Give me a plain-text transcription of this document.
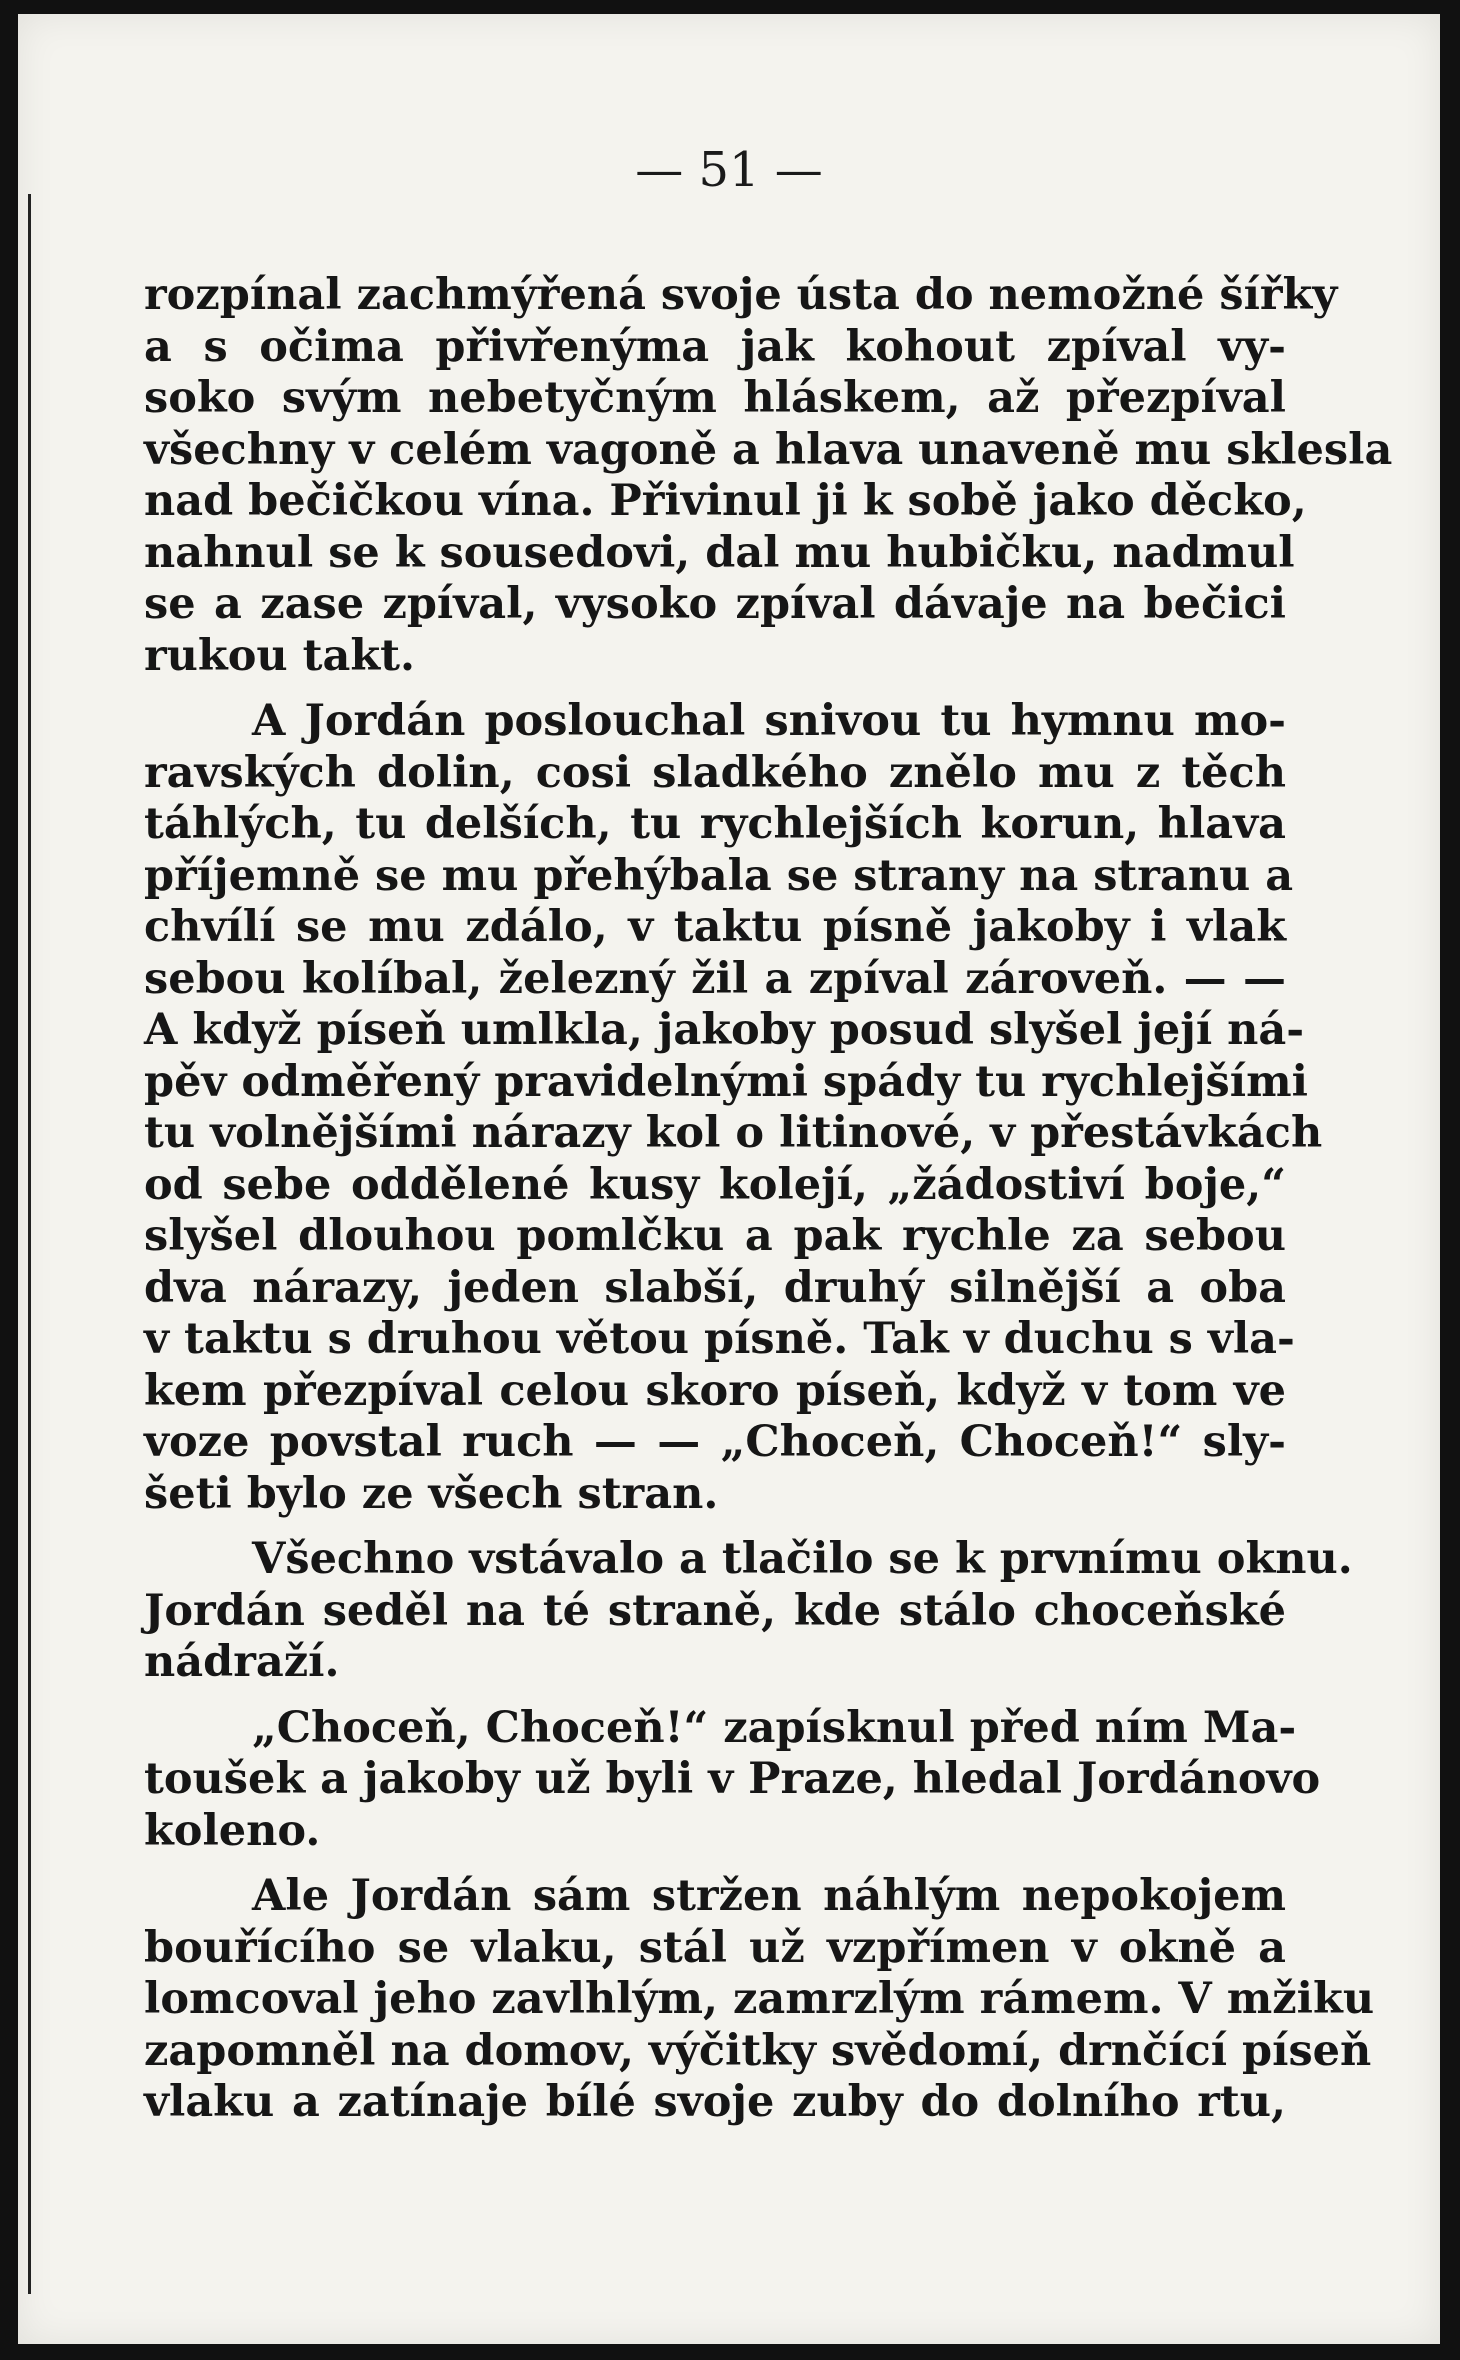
— 51 —

rozpínal zachmýřená svoje ústa do nemožné šířky
a s očima přivřenýma jak kohout zpíval vy-
soko svým nebetyčným hláskem, až přezpíval
všechny v celém vagoně a hlava unaveně mu sklesla
nad bečičkou vína. Přivinul ji k sobě jako děcko,
nahnul se k sousedovi, dal mu hubičku, nadmul
se a zase zpíval, vysoko zpíval dávaje na bečici
rukou takt.
A Jordán poslouchal snivou tu hymnu mo-
ravských dolin, cosi sladkého znělo mu z těch
táhlých, tu delších, tu rychlejších korun, hlava
příjemně se mu přehýbala se strany na stranu a
chvílí se mu zdálo, v taktu písně jakoby i vlak
sebou kolíbal, železný žil a zpíval zároveň. — —
A když píseň umlkla, jakoby posud slyšel její ná-
pěv odměřený pravidelnými spády tu rychlejšími
tu volnějšími nárazy kol o litinové, v přestávkách
od sebe oddělené kusy kolejí, „žádostiví boje,“
slyšel dlouhou pomlčku a pak rychle za sebou
dva nárazy, jeden slabší, druhý silnější a oba
v taktu s druhou větou písně. Tak v duchu s vla-
kem přezpíval celou skoro píseň, když v tom ve
voze povstal ruch — — „Choceň, Choceň!“ sly-
šeti bylo ze všech stran.
Všechno vstávalo a tlačilo se k prvnímu oknu.
Jordán seděl na té straně, kde stálo choceňské
nádraží.
„Choceň, Choceň!“ zapísknul před ním Ma-
toušek a jakoby už byli v Praze, hledal Jordánovo
koleno.
Ale Jordán sám stržen náhlým nepokojem
bouřícího se vlaku, stál už vzpřímen v okně a
lomcoval jeho zavlhlým, zamrzlým rámem. V mžiku
zapomněl na domov, výčitky svědomí, drnčící píseň
vlaku a zatínaje bílé svoje zuby do dolního rtu,
